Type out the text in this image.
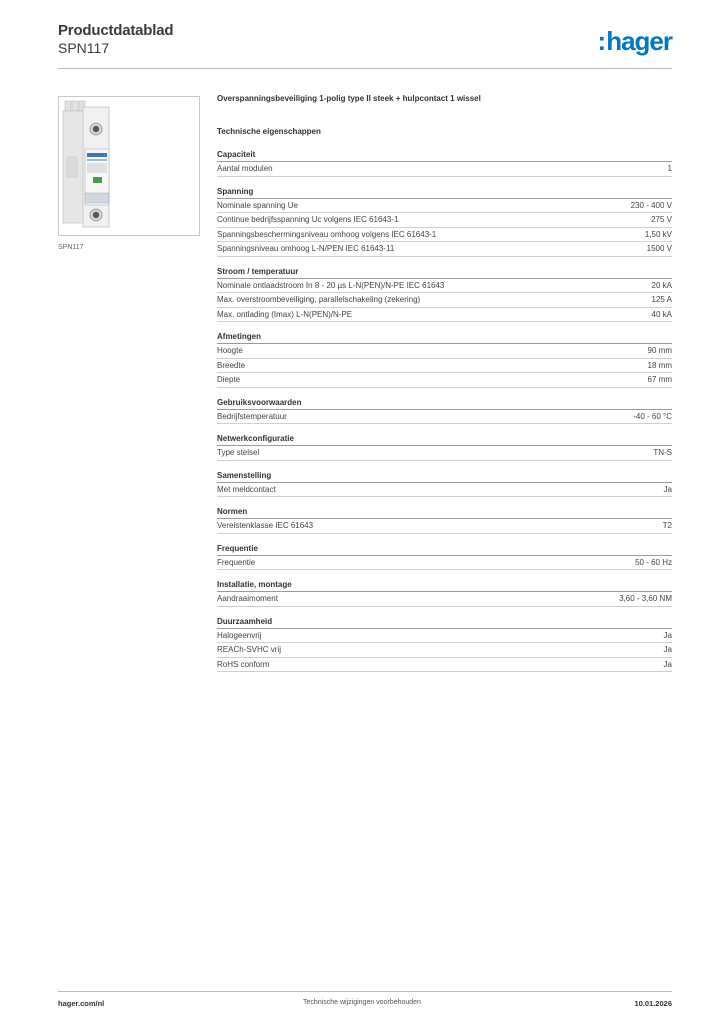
Productdatablad
SPN117	:hager
SPN117
Overspanningsbeveiliging 1-polig type II steek + hulpcontact 1 wissel
Technische eigenschappen
Capaciteit
Aantal modulen	1
Spanning
Nominale spanning Ue	230 - 400 V
Continue bedrijfsspanning Uc volgens IEC 61643-1	275 V
Spanningsbeschermingsniveau omhoog volgens IEC 61643-1	1,50 kV
Spanningsniveau omhoog L-N/PEN IEC 61643-11	1500 V
Stroom / temperatuur
Nominale ontlaadstroom In 8 - 20 µs L-N(PEN)/N-PE IEC 61643	20 kA
Max. overstroombeveiliging, parallelschakeling (zekering)	125 A
Max. ontlading (Imax) L-N(PEN)/N-PE	40 kA
Afmetingen
Hoogte	90 mm
Breedte	18 mm
Diepte	67 mm
Gebruiksvoorwaarden
Bedrijfstemperatuur	-40 - 60 °C
Netwerkconfiguratie
Type stelsel	TN-S
Samenstelling
Met meldcontact	Ja
Normen
Vereistenklasse IEC 61643	T2
Frequentie
Frequentie	50 - 60 Hz
Installatie, montage
Aandraaimoment	3,60 - 3,60 NM
Duurzaamheid
Halogeenvrij	Ja
REACh-SVHC vrij	Ja
RoHS conform	Ja
hager.com/nl	Technische wijzigingen voorbehouden	10.01.2026
